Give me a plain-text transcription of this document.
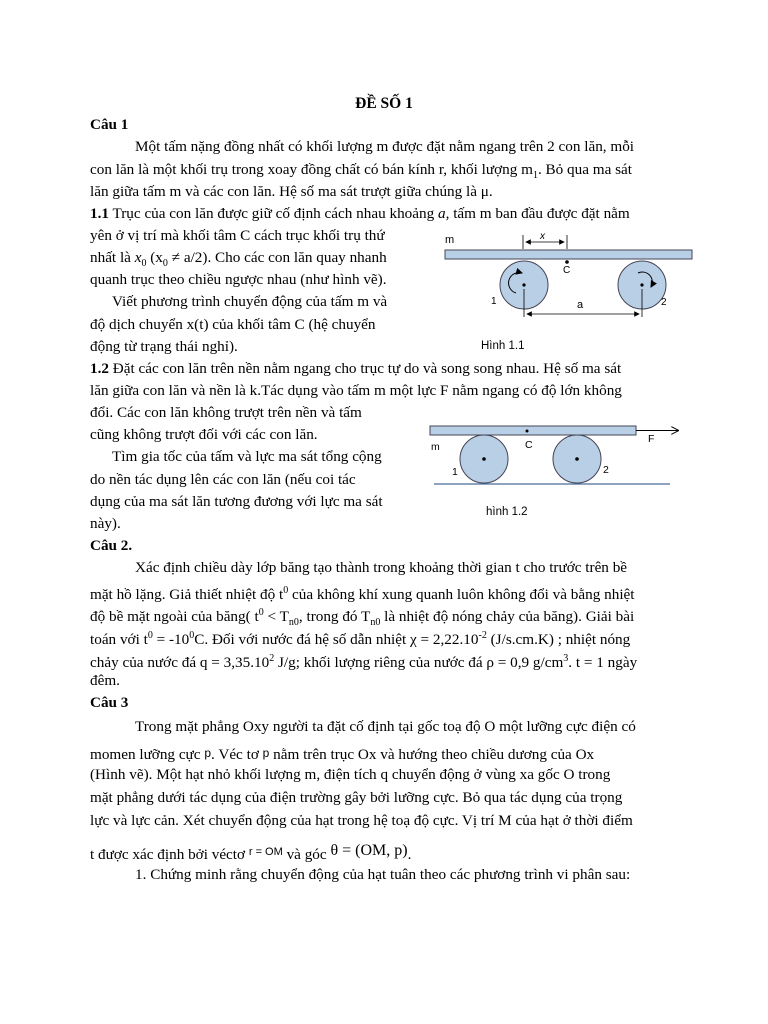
ĐỀ SỐ 1
Câu 1
Một tấm nặng đồng nhất có khối lượng m được đặt nằm ngang trên 2 con lăn, mỗi
con lăn là một khối trụ trong xoay đồng chất có bán kính r, khối lượng $m_1$. Bỏ qua ma sát
lăn giữa tấm m và các con lăn. Hệ số ma sát trượt giữa chúng là μ.
1.1 Trục của con lăn được giữ cố định cách nhau khoảng a, tấm m ban đầu được đặt nằm
yên ở vị trí mà khối tâm C cách trục khối trụ thứ
nhất là $x_0$ $(x_0 \ne a/2)$. Cho các con lăn quay nhanh
quanh trục theo chiều ngược nhau (như hình vẽ).
Viết phương trình chuyển động của tấm m và
độ dịch chuyển x(t) của khối tâm C (hệ chuyển
động từ trạng thái nghỉ).
1.2 Đặt các con lăn trên nền nằm ngang cho trục tự do và song song nhau. Hệ số ma sát
lăn giữa con lăn và nền là k.Tác dụng vào tấm m một lực F nằm ngang có độ lớn không
đổi. Các con lăn không trượt trên nền và tấm
cũng không trượt đối với các con lăn.
Tìm gia tốc của tấm và lực ma sát tổng cộng
do nền tác dụng lên các con lăn (nếu coi tác
dụng của ma sát lăn tương đương với lực ma sát
này).
m	x
C
a
1	2
Hình 1.1
F
m	C
1	2
hình 1.2
Câu 2.
Xác định chiều dày lớp băng tạo thành trong khoảng thời gian t cho trước trên bề
mặt hồ lặng. Giả thiết nhiệt độ $t^0$ của không khí xung quanh luôn không đổi và bằng nhiệt
độ bề mặt ngoài của băng( $t^0 < T_{n0}$, trong đó $T_{n0}$ là nhiệt độ nóng chảy của băng). Giải bài
toán với $t^0 = -10^0C$. Đối với nước đá hệ số dẫn nhiệt $\chi = 2,22.10^{-2}$ (J/s.cm.K) ; nhiệt nóng
chảy của nước đá $q = 3,35.10^2$ J/g; khối lượng riêng của nước đá ρ = 0,9 $g/cm^3$. t = 1 ngày
đêm.
Câu 3
Trong mặt phẳng Oxy người ta đặt cố định tại gốc toạ độ O một lưỡng cực điện có
momen lưỡng cực p. Véc tơ p nằm trên trục Ox và hướng theo chiều dương của Ox
(Hình vẽ). Một hạt nhỏ khối lượng m, điện tích q chuyển động ở vùng xa gốc O trong
mặt phẳng dưới tác dụng của điện trường gây bởi lưỡng cực. Bỏ qua tác dụng của trọng
lực và lực cản. Xét chuyển động của hạt trong hệ toạ độ cực. Vị trí M của hạt ở thời điểm
t được xác định bởi véctơ $^{r = OM}$ và góc θ = (OM, p).
1. Chứng minh rằng chuyển động của hạt tuân theo các phương trình vi phân sau:
